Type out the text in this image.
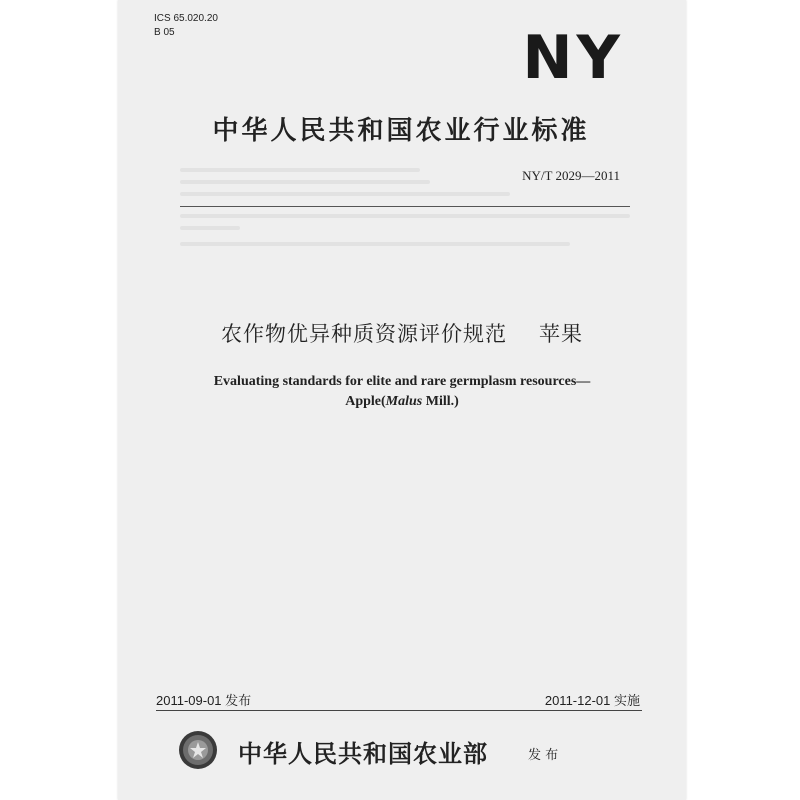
ICS 65.020.20
B 05	NY
中华人民共和国农业行业标准
NY/T 2029—2011
农作物优异种质资源评价规范 苹果
Evaluating standards for elite and rare germplasm resources—
Apple(Malus Mill.)
2011-09-01 发布	2011-12-01 实施
中华人民共和国农业部	发 布
